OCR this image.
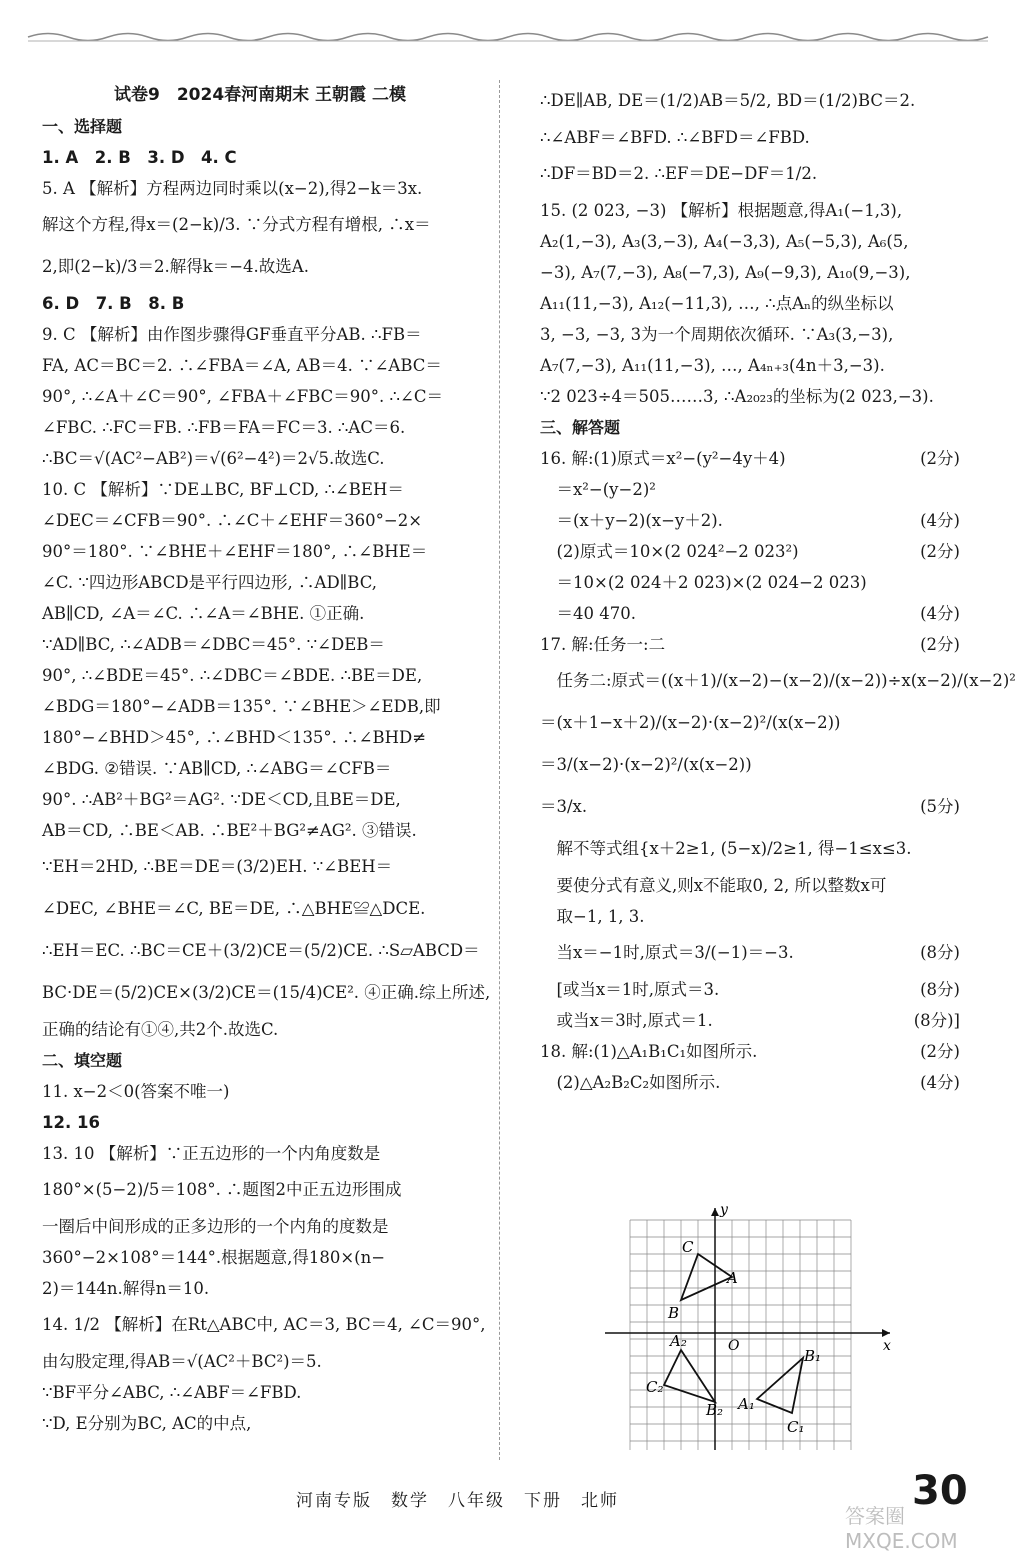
试卷9　2024春河南期末 王朝霞 二模
一、选择题
1. A　2. B　3. D　4. C
5. A 【解析】方程两边同时乘以(x−2),得2−k＝3x.
解这个方程,得x＝(2−k)/3. ∵分式方程有增根, ∴x＝
2,即(2−k)/3＝2.解得k＝−4.故选A.
6. D　7. B　8. B
9. C 【解析】由作图步骤得GF垂直平分AB. ∴FB＝
FA, AC＝BC＝2. ∴∠FBA＝∠A, AB＝4. ∵∠ABC＝
90°, ∴∠A＋∠C＝90°, ∠FBA＋∠FBC＝90°. ∴∠C＝
∠FBC. ∴FC＝FB. ∴FB＝FA＝FC＝3. ∴AC＝6.
∴BC＝√(AC²−AB²)＝√(6²−4²)＝2√5.故选C.
10. C 【解析】∵DE⊥BC, BF⊥CD, ∴∠BEH＝
∠DEC＝∠CFB＝90°. ∴∠C＋∠EHF＝360°−2×
90°＝180°. ∵∠BHE＋∠EHF＝180°, ∴∠BHE＝
∠C. ∵四边形ABCD是平行四边形, ∴AD∥BC,
AB∥CD, ∠A＝∠C. ∴∠A＝∠BHE. ①正确.
∵AD∥BC, ∴∠ADB＝∠DBC＝45°. ∵∠DEB＝
90°, ∴∠BDE＝45°. ∴∠DBC＝∠BDE. ∴BE＝DE,
∠BDG＝180°−∠ADB＝135°. ∵∠BHE＞∠EDB,即
180°−∠BHD＞45°, ∴∠BHD＜135°. ∴∠BHD≠
∠BDG. ②错误. ∵AB∥CD, ∴∠ABG＝∠CFB＝
90°. ∴AB²＋BG²＝AG². ∵DE＜CD,且BE＝DE,
AB＝CD, ∴BE＜AB. ∴BE²＋BG²≠AG². ③错误.
∵EH＝2HD, ∴BE＝DE＝(3/2)EH. ∵∠BEH＝
∠DEC, ∠BHE＝∠C, BE＝DE, ∴△BHE≌△DCE.
∴EH＝EC. ∴BC＝CE＋(3/2)CE＝(5/2)CE. ∴S▱ABCD＝
BC·DE＝(5/2)CE×(3/2)CE＝(15/4)CE². ④正确.综上所述,
正确的结论有①④,共2个.故选C.
二、填空题
11. x−2＜0(答案不唯一)
12. 16
13. 10 【解析】∵正五边形的一个内角度数是
180°×(5−2)/5＝108°. ∴题图2中正五边形围成
一圈后中间形成的正多边形的一个内角的度数是
360°−2×108°＝144°.根据题意,得180×(n−
2)＝144n.解得n＝10.
14. 1/2 【解析】在Rt△ABC中, AC＝3, BC＝4, ∠C＝90°,
由勾股定理,得AB＝√(AC²＋BC²)＝5.
∵BF平分∠ABC, ∴∠ABF＝∠FBD.
∵D, E分别为BC, AC的中点,
∴DE∥AB, DE＝(1/2)AB＝5/2, BD＝(1/2)BC＝2.
∴∠ABF＝∠BFD. ∴∠BFD＝∠FBD.
∴DF＝BD＝2. ∴EF＝DE−DF＝1/2.
15. (2 023, −3) 【解析】根据题意,得A₁(−1,3),
A₂(1,−3), A₃(3,−3), A₄(−3,3), A₅(−5,3), A₆(5,
−3), A₇(7,−3), A₈(−7,3), A₉(−9,3), A₁₀(9,−3),
A₁₁(11,−3), A₁₂(−11,3), …, ∴点Aₙ的纵坐标以
3, −3, −3, 3为一个周期依次循环. ∵A₃(3,−3),
A₇(7,−3), A₁₁(11,−3), …, A₄ₙ₊₃(4n＋3,−3).
∵2 023÷4＝505……3, ∴A₂₀₂₃的坐标为(2 023,−3).
三、解答题
16. 解:(1)原式＝x²−(y²−4y＋4)	(2分)
　＝x²−(y−2)²
　＝(x＋y−2)(x−y＋2).	(4分)
　(2)原式＝10×(2 024²−2 023²)	(2分)
　＝10×(2 024＋2 023)×(2 024−2 023)
　＝40 470.	(4分)
17. 解:任务一:二	(2分)
　任务二:原式＝((x＋1)/(x−2)−(x−2)/(x−2))÷x(x−2)/(x−2)²
＝(x＋1−x＋2)/(x−2)·(x−2)²/(x(x−2))
＝3/(x−2)·(x−2)²/(x(x−2))
＝3/x.	(5分)
　解不等式组{x＋2≥1, (5−x)/2≥1, 得−1≤x≤3.
　要使分式有意义,则x不能取0, 2, 所以整数x可
　取−1, 1, 3.
　当x＝−1时,原式＝3/(−1)＝−3.	(8分)
　[或当x＝1时,原式＝3.	(8分)
　或当x＝3时,原式＝1.	(8分)]
18. 解:(1)△A₁B₁C₁如图所示.	(2分)
　(2)△A₂B₂C₂如图所示.	(4分)
x
y
O
C
A
B
A₂
C₂
B₂ A₁
B₁
C₁
河南专版　数学　八年级　下册　北师	30
答案圈 MXQE.COM
